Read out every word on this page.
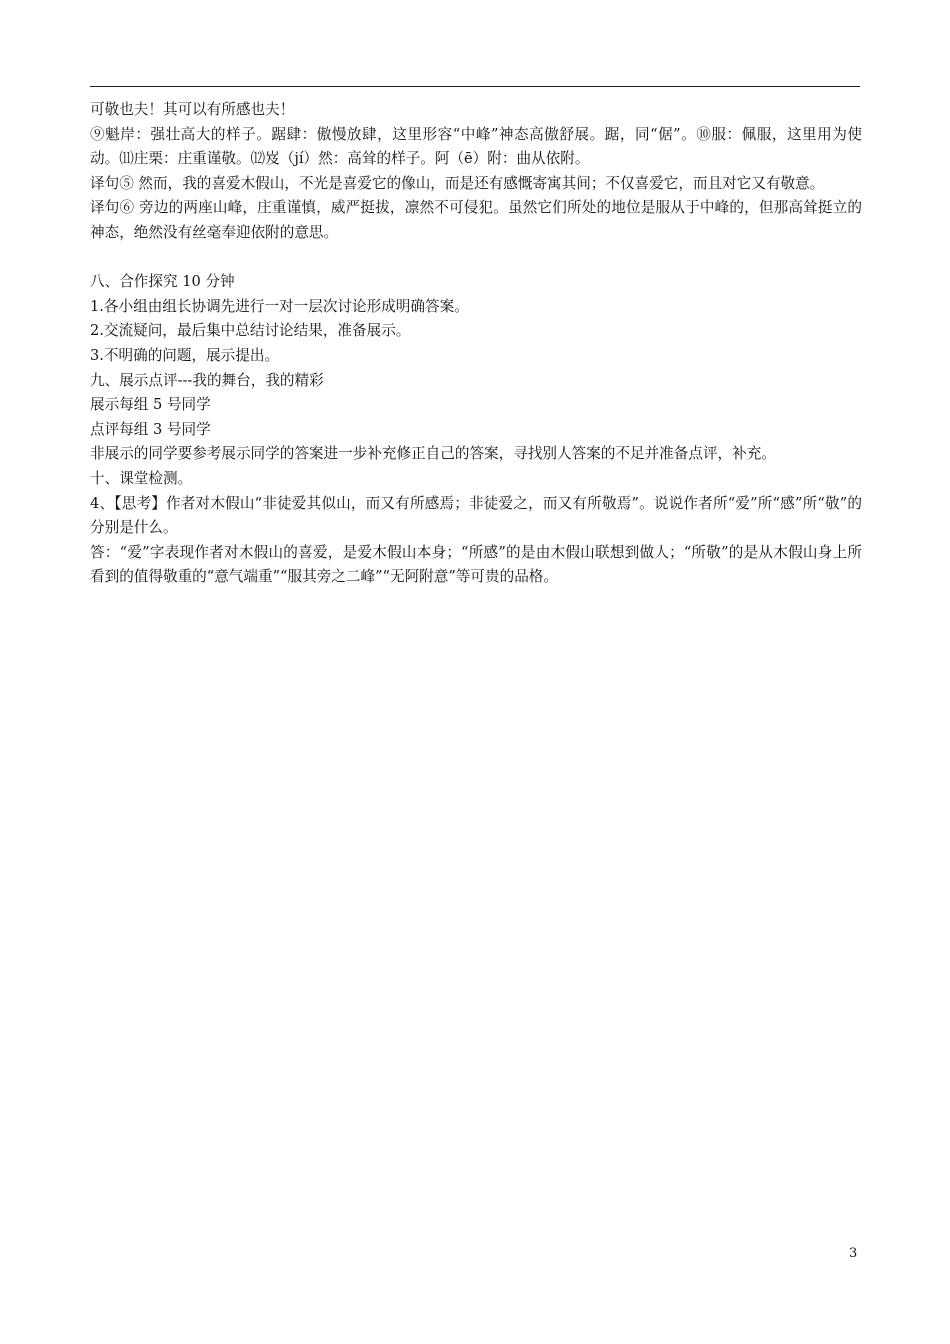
可敬也夫！其可以有所感也夫！

⑨魁岸：强壮高大的样子。踞肆：傲慢放肆，这里形容“中峰”神态高傲舒展。踞，同“倨”。⑩服：佩服，这里用为使动。⑾庄栗：庄重谨敬。⑿岌（jí）然：高耸的样子。阿（ē）附：曲从依附。

译句⑤ 然而，我的喜爱木假山，不光是喜爱它的像山，而是还有感慨寄寓其间；不仅喜爱它，而且对它又有敬意。

译句⑥ 旁边的两座山峰，庄重谨慎，威严挺拔，凛然不可侵犯。虽然它们所处的地位是服从于中峰的，但那高耸挺立的神态，绝然没有丝毫奉迎依附的意思。

八、合作探究 10 分钟

1.各小组由组长协调先进行一对一层次讨论形成明确答案。

2.交流疑问，最后集中总结讨论结果，准备展示。

3.不明确的问题，展示提出。

九、展示点评---我的舞台，我的精彩

展示每组 5 号同学

点评每组 3 号同学

非展示的同学要参考展示同学的答案进一步补充修正自己的答案，寻找别人答案的不足并准备点评，补充。

十、课堂检测。

4、【思考】作者对木假山“非徒爱其似山，而又有所感焉；非徒爱之，而又有所敬焉”。说说作者所“爱”所“感”所“敬”的分别是什么。

答：“爱”字表现作者对木假山的喜爱，是爱木假山本身；“所感”的是由木假山联想到做人；“所敬”的是从木假山身上所看到的值得敬重的“意气端重”“服其旁之二峰”“无阿附意”等可贵的品格。

3
